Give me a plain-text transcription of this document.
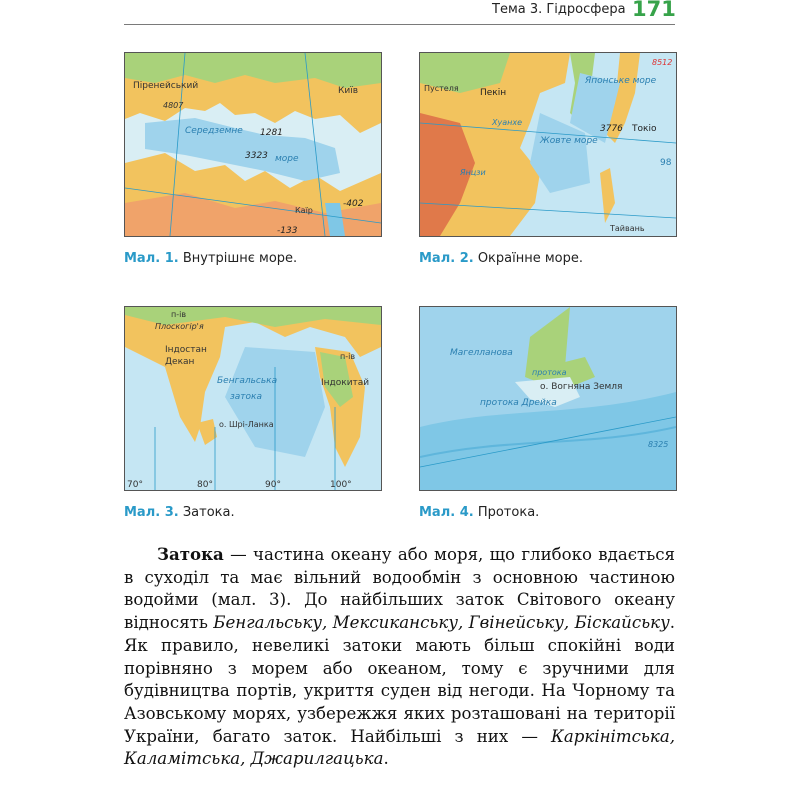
Тема 3. Гідросфера 171
Піренейський
4807
Київ
Середземне
море
1281
3323
Каїр
-402
-133
Пустеля Пекін
Хуанхе
Жовте море
Японське море
Токіо
3776
Янцзи
Тайвань
8512
98
п-ів
Плоскогір'я
Індостан
Декан
Бенгальська
затока
п-ів
Індокитай
о. Шрі-Ланка
70°	80°	90°	100°
Магелланова
протока
о. Вогняна Земля
протока Дрейка
8325
Мал. 1. Внутрішнє море.	Мал. 2. Окраїнне море.
Мал. 3. Затока.	Мал. 4. Протока.

Затока — частина океану або моря, що глибоко вдається в суходіл та має вільний водообмін з основною частиною водойми (мал. 3). До найбільших заток Світового океану відносять Бенгальську, Мексиканську, Гвінейську, Біскайську. Як правило, невеликі затоки мають більш спокійні води порівняно з морем або океаном, тому є зручними для будівництва портів, укриття суден від негоди. На Чорному та Азовському морях, узбережжя яких розташовані на території України, багато заток. Найбільші з них — Каркінітська, Каламітська, Джарилгацька.
